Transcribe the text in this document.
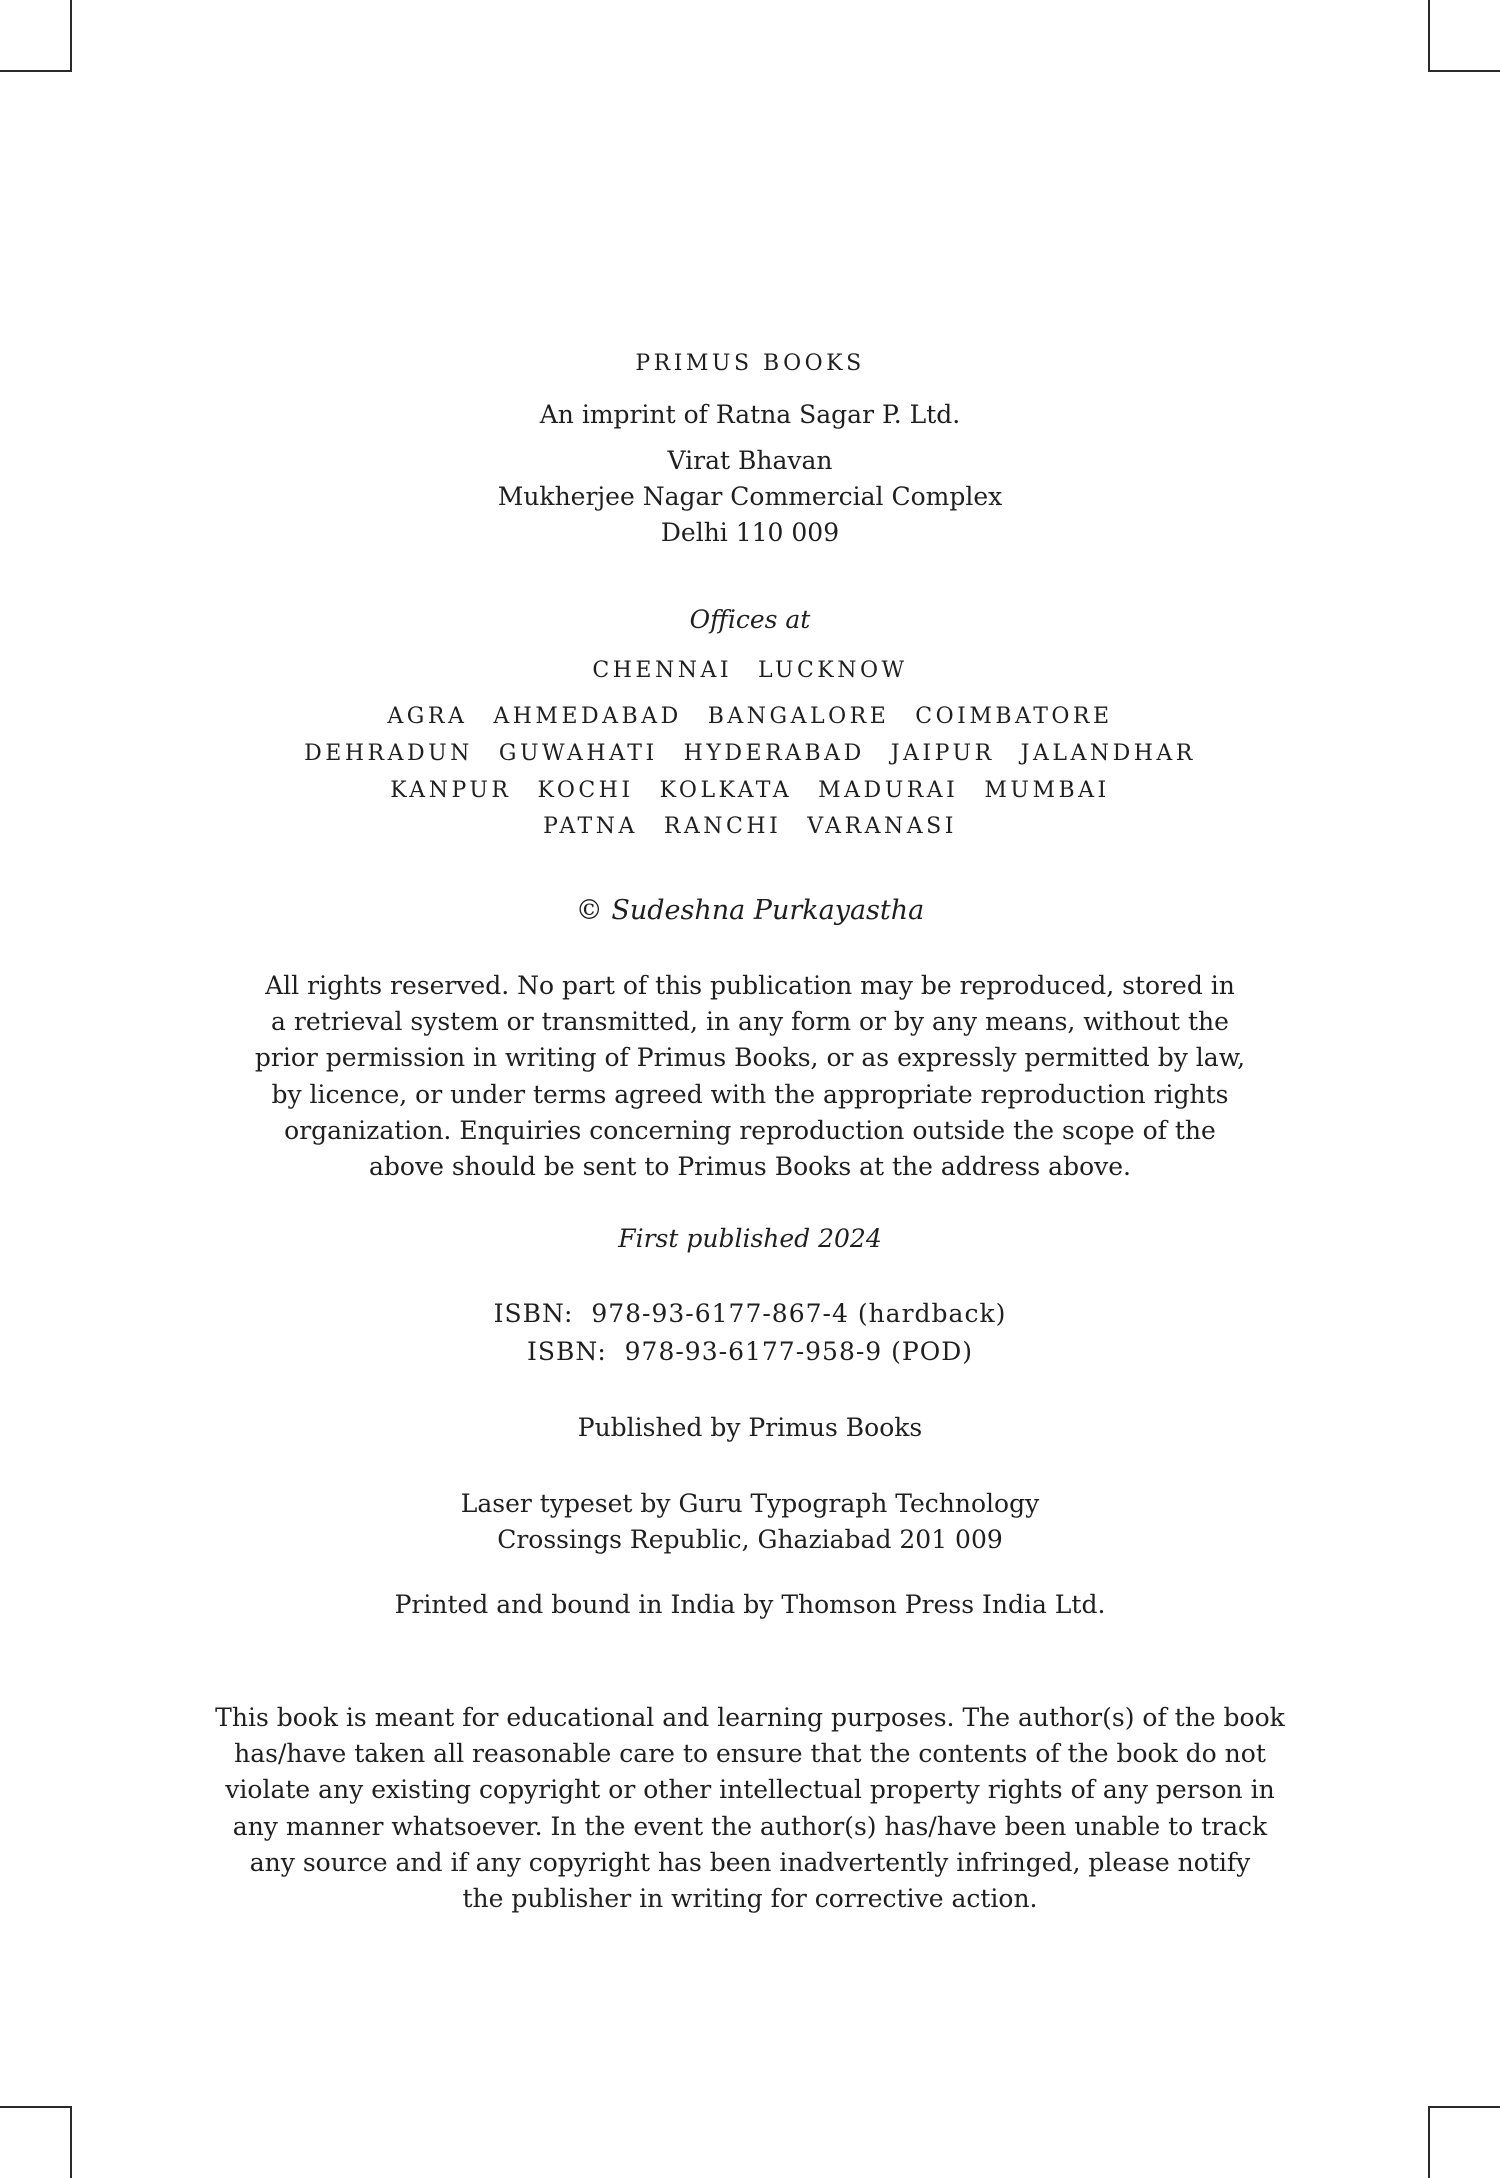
PRIMUS BOOKS
An imprint of Ratna Sagar P. Ltd.
Virat Bhavan
Mukherjee Nagar Commercial Complex
Delhi 110 009
Offices at
CHENNAI LUCKNOW
AGRA AHMEDABAD BANGALORE COIMBATORE
DEHRADUN GUWAHATI HYDERABAD JAIPUR JALANDHAR
KANPUR KOCHI KOLKATA MADURAI MUMBAI
PATNA RANCHI VARANASI
© Sudeshna Purkayastha
All rights reserved. No part of this publication may be reproduced, stored in
a retrieval system or transmitted, in any form or by any means, without the
prior permission in writing of Primus Books, or as expressly permitted by law,
by licence, or under terms agreed with the appropriate reproduction rights
organization. Enquiries concerning reproduction outside the scope of the
above should be sent to Primus Books at the address above.
First published 2024
ISBN:  978-93-6177-867-4 (hardback)
ISBN:  978-93-6177-958-9 (POD)
Published by Primus Books
Laser typeset by Guru Typograph Technology
Crossings Republic, Ghaziabad 201 009
Printed and bound in India by Thomson Press India Ltd.
This book is meant for educational and learning purposes. The author(s) of the book
has/have taken all reasonable care to ensure that the contents of the book do not
violate any existing copyright or other intellectual property rights of any person in
any manner whatsoever. In the event the author(s) has/have been unable to track
any source and if any copyright has been inadvertently infringed, please notify
the publisher in writing for corrective action.
